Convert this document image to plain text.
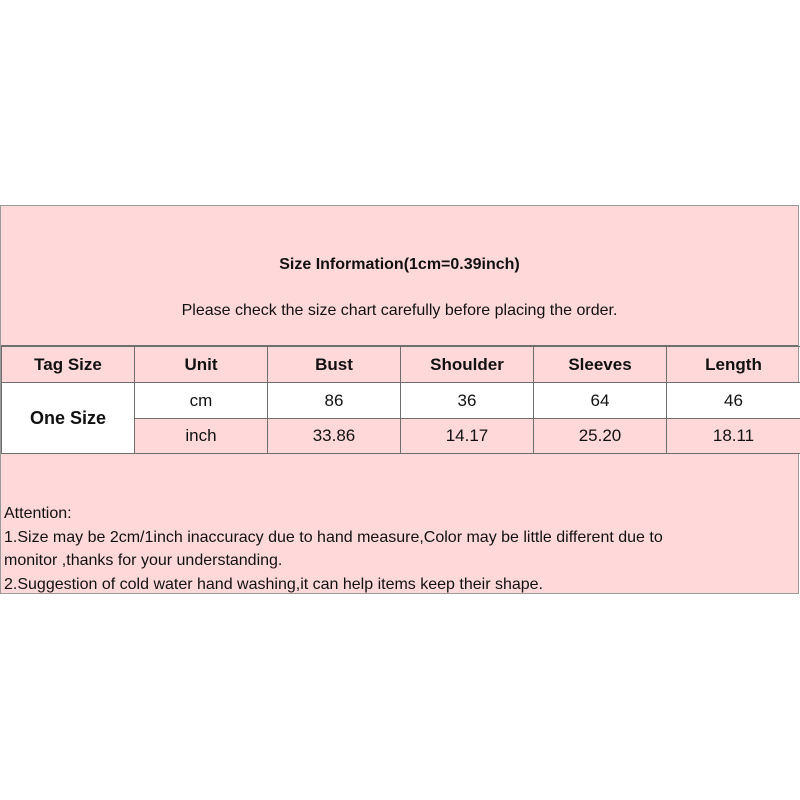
Size Information(1cm=0.39inch)
Please check the size chart carefully before placing the order.
Tag Size	Unit	Bust	Shoulder	Sleeves	Length
One Size	cm	86	36	64	46
	inch	33.86	14.17	25.20	18.11
Attention:
1.Size may be 2cm/1inch inaccuracy due to hand measure,Color may be little different due to
monitor ,thanks for your understanding.
2.Suggestion of cold water hand washing,it can help items keep their shape.
